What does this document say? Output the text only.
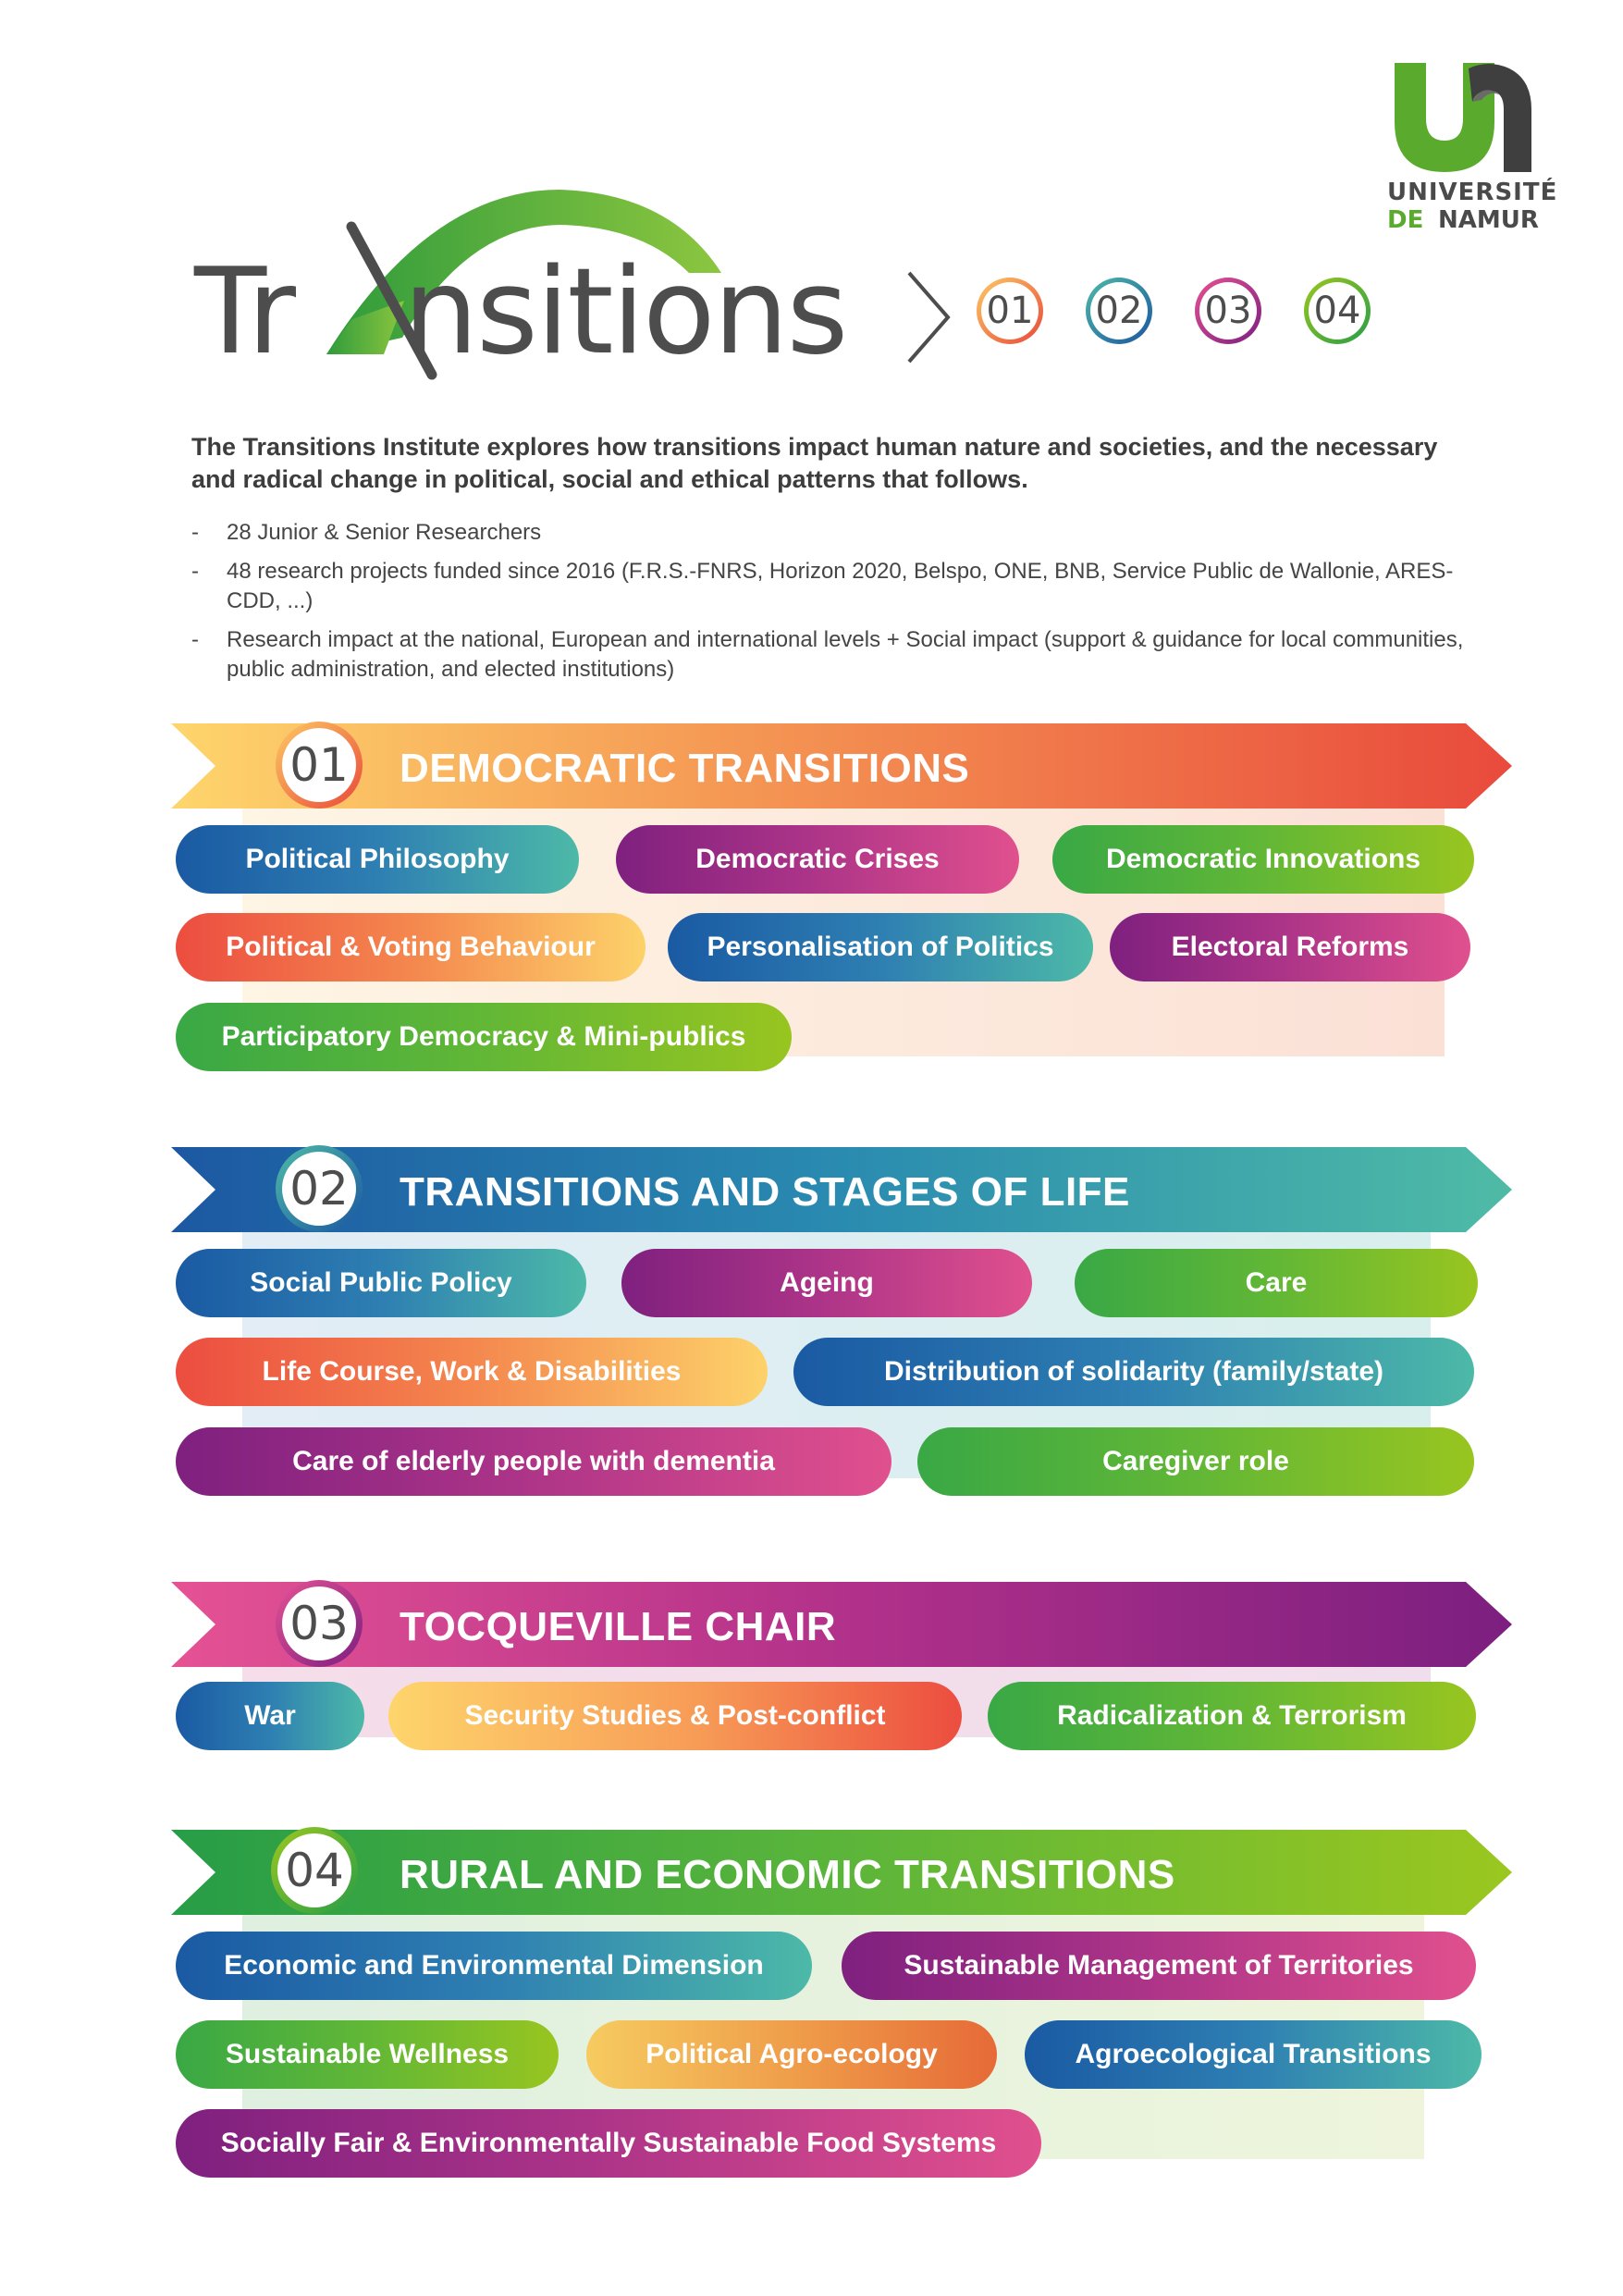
UNIVERSITÉ
DE NAMUR
Tr nsitions	01 02 03 04
The Transitions Institute explores how transitions impact human nature and societies, and the necessary and radical change in political, social and ethical patterns that follows.
- 28 Junior & Senior Researchers
- 48 research projects funded since 2016 (F.R.S.-FNRS, Horizon 2020, Belspo, ONE, BNB, Service Public de Wallonie, ARES-CDD, ...)
- Research impact at the national, European and international levels + Social impact (support & guidance for local communities, public administration, and elected institutions)
01 DEMOCRATIC TRANSITIONS
Political Philosophy	Democratic Crises	Democratic Innovations
Political & Voting Behaviour	Personalisation of Politics	Electoral Reforms
Participatory Democracy & Mini-publics
02 TRANSITIONS AND STAGES OF LIFE
Social Public Policy	Ageing	Care
Life Course, Work & Disabilities	Distribution of solidarity (family/state)
Care of elderly people with dementia	Caregiver role
03 TOCQUEVILLE CHAIR
War	Security Studies & Post-conflict	Radicalization & Terrorism
04 RURAL AND ECONOMIC TRANSITIONS
Economic and Environmental Dimension	Sustainable Management of Territories
Sustainable Wellness	Political Agro-ecology	Agroecological Transitions
Socially Fair & Environmentally Sustainable Food Systems
